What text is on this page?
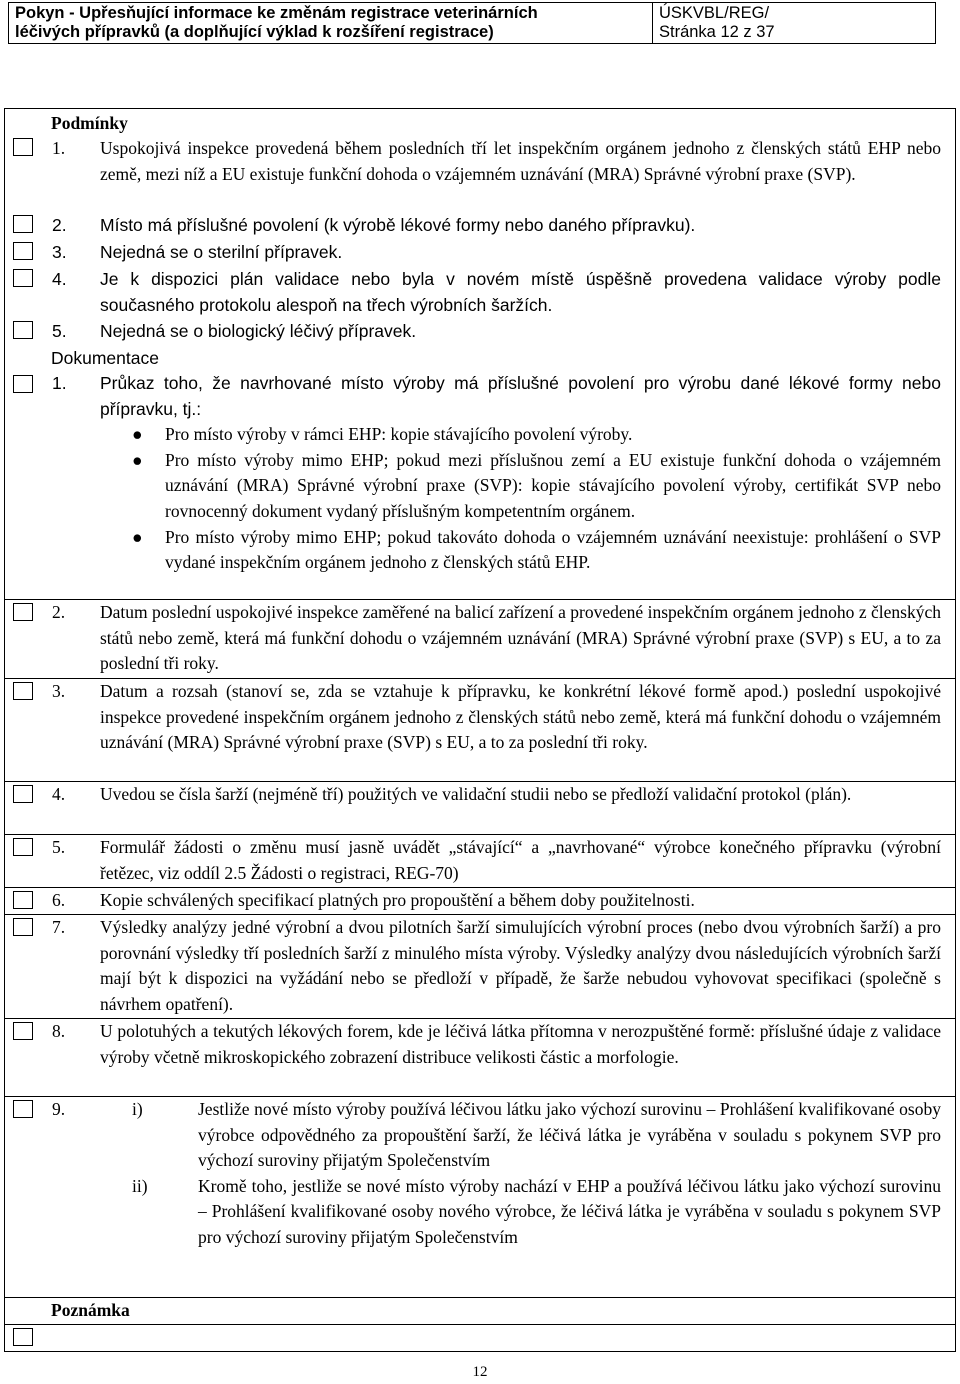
Pokyn - Upřesňující informace ke změnám registrace veterinárních
léčivých přípravků (a doplňující výklad k rozšíření registrace)
ÚSKVBL/REG/
Stránka 12 z 37
Podmínky
1. Uspokojivá inspekce provedená během posledních tří let inspekčním orgánem jednoho z členských států EHP nebo země, mezi níž a EU existuje funkční dohoda o vzájemném uznávání (MRA) Správné výrobní praxe (SVP).
2. Místo má příslušné povolení (k výrobě lékové formy nebo daného přípravku).
3. Nejedná se o sterilní přípravek.
4. Je k dispozici plán validace nebo byla v novém místě úspěšně provedena validace výroby podle současného protokolu alespoň na třech výrobních šaržích.
5. Nejedná se o biologický léčivý přípravek.
Dokumentace
1. Průkaz toho, že navrhované místo výroby má příslušné povolení pro výrobu dané lékové formy nebo přípravku, tj.:
● Pro místo výroby v rámci EHP: kopie stávajícího povolení výroby.
● Pro místo výroby mimo EHP; pokud mezi příslušnou zemí a EU existuje funkční dohoda o vzájemném uznávání (MRA) Správné výrobní praxe (SVP): kopie stávajícího povolení výroby, certifikát SVP nebo rovnocenný dokument vydaný příslušným kompetentním orgánem.
● Pro místo výroby mimo EHP; pokud takováto dohoda o vzájemném uznávání neexistuje: prohlášení o SVP vydané inspekčním orgánem jednoho z členských států EHP.
2. Datum poslední uspokojivé inspekce zaměřené na balicí zařízení a provedené inspekčním orgánem jednoho z členských států nebo země, která má funkční dohodu o vzájemném uznávání (MRA) Správné výrobní praxe (SVP) s EU, a to za poslední tři roky.
3. Datum a rozsah (stanoví se, zda se vztahuje k přípravku, ke konkrétní lékové formě apod.) poslední uspokojivé inspekce provedené inspekčním orgánem jednoho z členských států nebo země, která má funkční dohodu o vzájemném uznávání (MRA) Správné výrobní praxe (SVP) s EU, a to za poslední tři roky.
4. Uvedou se čísla šarží (nejméně tří) použitých ve validační studii nebo se předloží validační protokol (plán).
5. Formulář žádosti o změnu musí jasně uvádět „stávající“ a „navrhované“ výrobce konečného přípravku (výrobní řetězec, viz oddíl 2.5 Žádosti o registraci, REG-70)
6. Kopie schválených specifikací platných pro propouštění a během doby použitelnosti.
7. Výsledky analýzy jedné výrobní a dvou pilotních šarží simulujících výrobní proces (nebo dvou výrobních šarží) a pro porovnání výsledky tří posledních šarží z minulého místa výroby. Výsledky analýzy dvou následujících výrobních šarží mají být k dispozici na vyžádání nebo se předloží v případě, že šarže nebudou vyhovovat specifikaci (společně s návrhem opatření).
8. U polotuhých a tekutých lékových forem, kde je léčivá látka přítomna v nerozpuštěné formě: příslušné údaje z validace výroby včetně mikroskopického zobrazení distribuce velikosti částic a morfologie.
9.	i)	Jestliže nové místo výroby používá léčivou látku jako výchozí surovinu – Prohlášení kvalifikované osoby výrobce odpovědného za propouštění šarží, že léčivá látka je vyráběna v souladu s pokynem SVP pro výchozí suroviny přijatým Společenstvím
ii)	Kromě toho, jestliže se nové místo výroby nachází v EHP a používá léčivou látku jako výchozí surovinu – Prohlášení kvalifikované osoby nového výrobce, že léčivá látka je vyráběna v souladu s pokynem SVP pro výchozí suroviny přijatým Společenstvím
Poznámka
12
